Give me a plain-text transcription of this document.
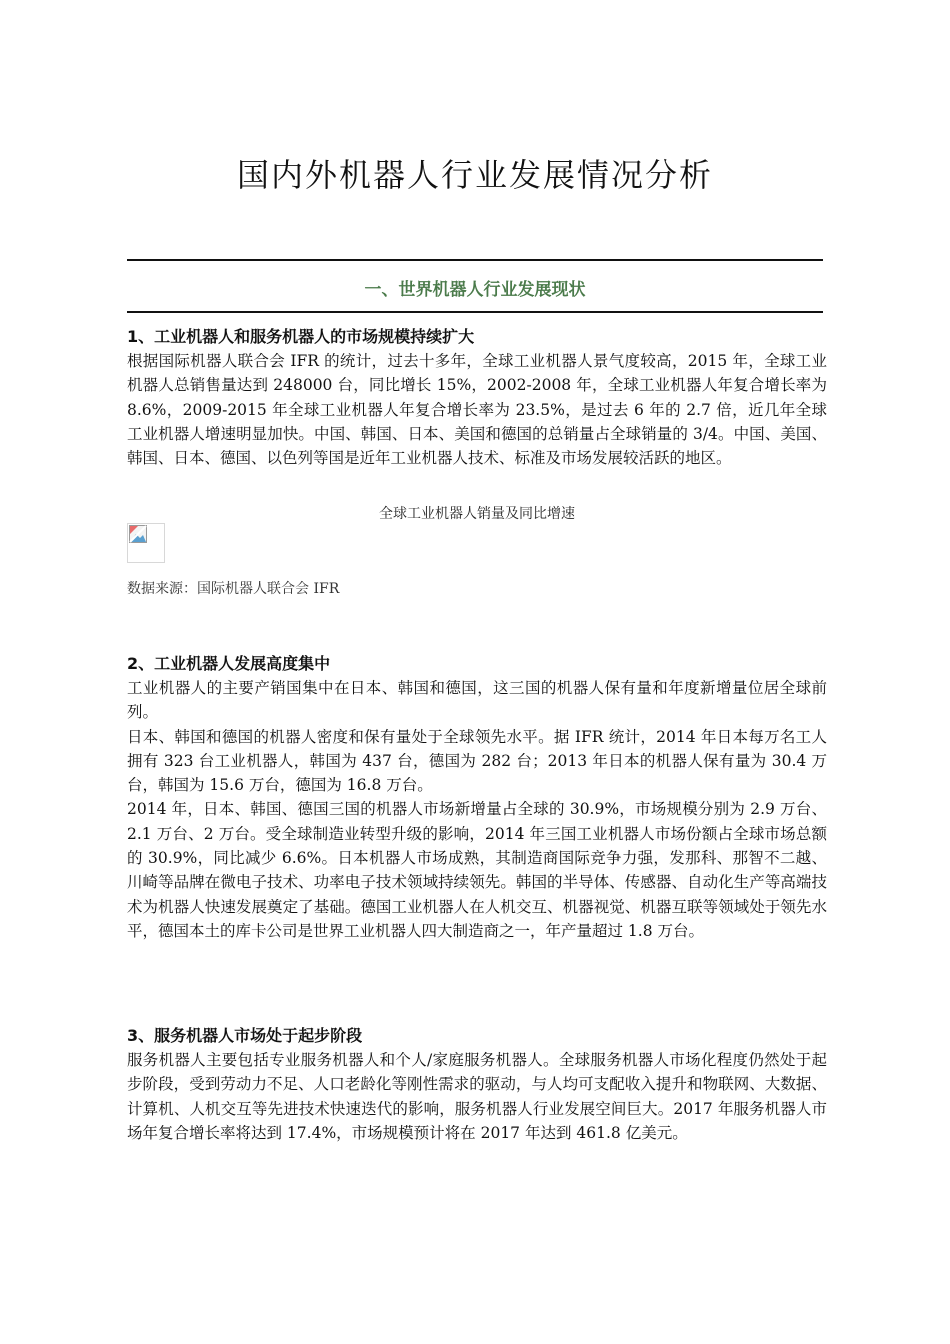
国内外机器人行业发展情况分析
一、世界机器人行业发展现状
1、工业机器人和服务机器人的市场规模持续扩大

根据国际机器人联合会 IFR 的统计，过去十多年，全球工业机器人景气度较高，2015 年，全球工业机器人总销售量达到 248000 台，同比增长 15%，2002-2008 年，全球工业机器人年复合增长率为 8.6%，2009-2015 年全球工业机器人年复合增长率为 23.5%，是过去 6 年的 2.7 倍，近几年全球工业机器人增速明显加快。中国、韩国、日本、美国和德国的总销量占全球销量的 3/4。中国、美国、韩国、日本、德国、以色列等国是近年工业机器人技术、标准及市场发展较活跃的地区。

全球工业机器人销量及同比增速
数据来源：国际机器人联合会 IFR
2、工业机器人发展高度集中

工业机器人的主要产销国集中在日本、韩国和德国，这三国的机器人保有量和年度新增量位居全球前列。

日本、韩国和德国的机器人密度和保有量处于全球领先水平。据 IFR 统计，2014 年日本每万名工人拥有 323 台工业机器人，韩国为 437 台，德国为 282 台；2013 年日本的机器人保有量为 30.4 万台，韩国为 15.6 万台，德国为 16.8 万台。

2014 年，日本、韩国、德国三国的机器人市场新增量占全球的 30.9%，市场规模分别为 2.9 万台、2.1 万台、2 万台。受全球制造业转型升级的影响，2014 年三国工业机器人市场份额占全球市场总额的 30.9%，同比减少 6.6%。日本机器人市场成熟，其制造商国际竞争力强，发那科、那智不二越、川崎等品牌在微电子技术、功率电子技术领域持续领先。韩国的半导体、传感器、自动化生产等高端技术为机器人快速发展奠定了基础。德国工业机器人在人机交互、机器视觉、机器互联等领域处于领先水平，德国本土的库卡公司是世界工业机器人四大制造商之一，年产量超过 1.8 万台。

3、服务机器人市场处于起步阶段

服务机器人主要包括专业服务机器人和个人/家庭服务机器人。全球服务机器人市场化程度仍然处于起步阶段，受到劳动力不足、人口老龄化等刚性需求的驱动，与人均可支配收入提升和物联网、大数据、计算机、人机交互等先进技术快速迭代的影响，服务机器人行业发展空间巨大。2017 年服务机器人市场年复合增长率将达到 17.4%，市场规模预计将在 2017 年达到 461.8 亿美元。
